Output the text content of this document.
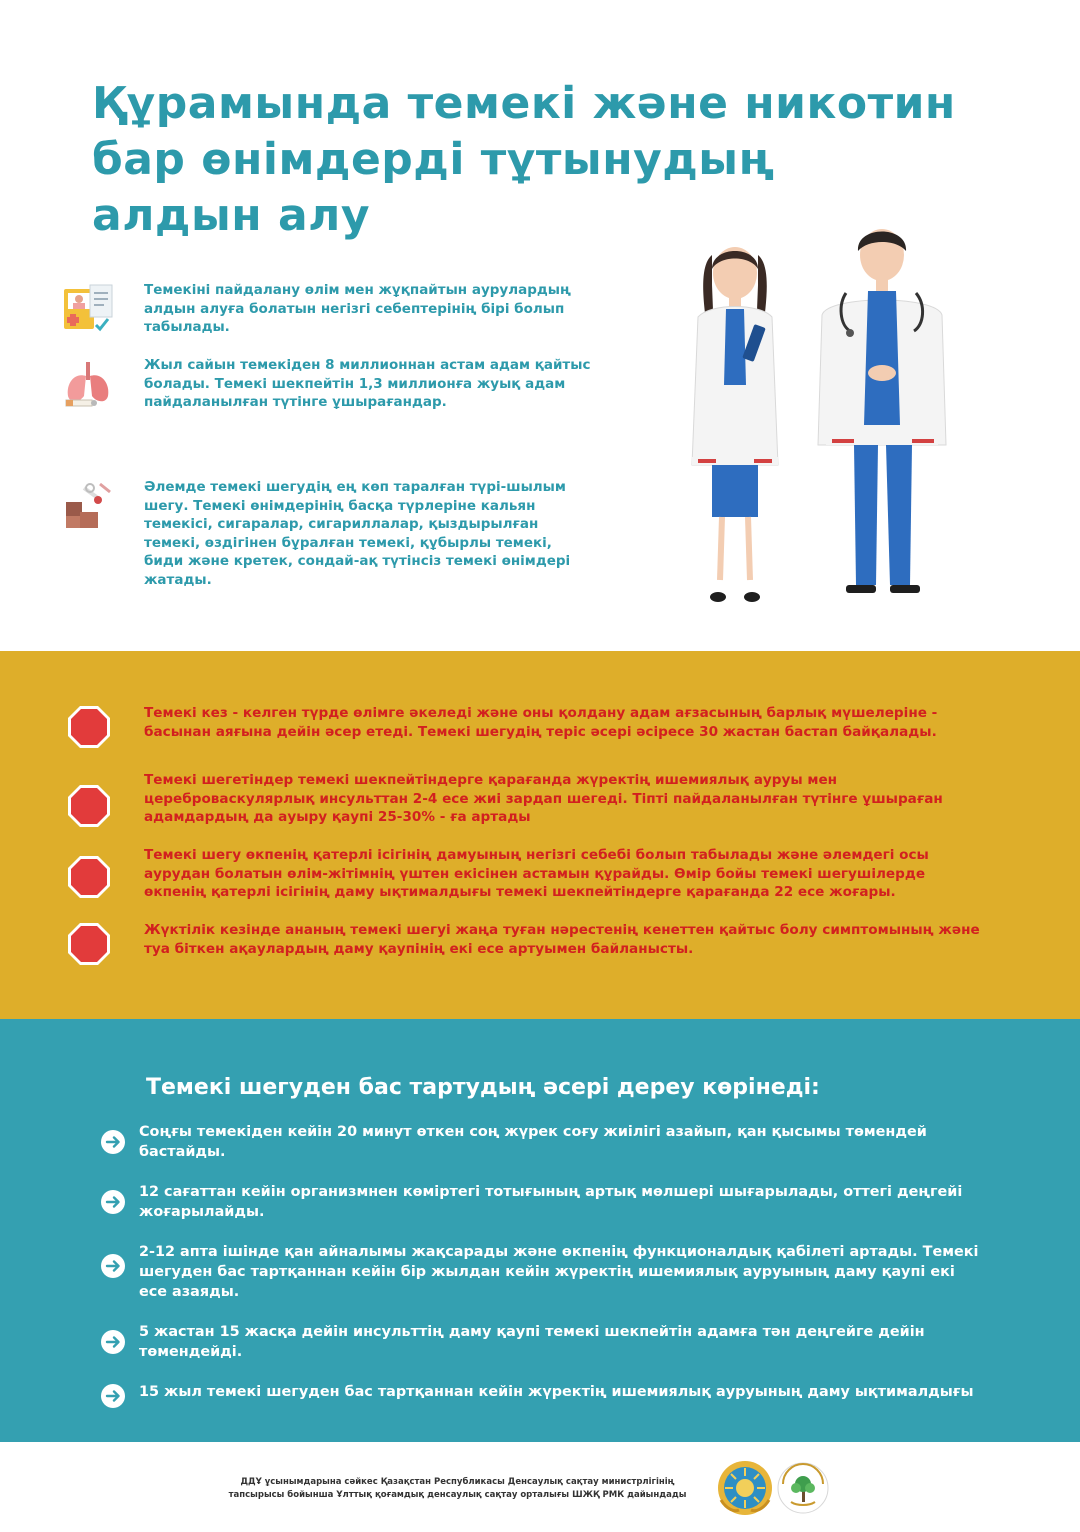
Құрамында темекі және никотин
бар өнімдерді тұтынудың
алдын алу

Темекіні пайдалану өлім мен жұқпайтын аурулардың алдын алуға болатын негізгі себептерінің бірі болып табылады.

Жыл сайын темекіден 8 миллионнан астам адам қайтыс болады. Темекі шекпейтін 1,3 миллионға жуық адам пайдаланылған түтінге ұшырағандар.

Әлемде темекі шегудің ең көп таралған түрі-шылым шегу. Темекі өнімдерінің басқа түрлеріне кальян темекісі, сигаралар, сигариллалар, қыздырылған темекі, өздігінен бұралған темекі, құбырлы темекі, биди және кретек, сондай-ақ түтінсіз темекі өнімдері жатады.

Темекі кез - келген түрде өлімге әкеледі және оны қолдану адам ағзасының барлық мүшелеріне - басынан аяғына дейін әсер етеді. Темекі шегудің теріс әсері әсіресе 30 жастан бастап байқалады.

Темекі шегетіндер темекі шекпейтіндерге қарағанда жүректің ишемиялық ауруы мен цереброваскулярлық инсульттан 2-4 есе жиі зардап шегеді. Тіпті пайдаланылған түтінге ұшыраған адамдардың да ауыру қаупі 25-30% - ға артады

Темекі шегу өкпенің қатерлі ісігінің дамуының негізгі себебі болып табылады және әлемдегі осы аурудан болатын өлім-жітімнің үштен екісінен астамын құрайды. Өмір бойы темекі шегушілерде өкпенің қатерлі ісігінің даму ықтималдығы темекі шекпейтіндерге қарағанда 22 есе жоғары.

Жүктілік кезінде ананың темекі шегуі жаңа туған нәрестенің кенеттен қайтыс болу симптомының және туа біткен ақаулардың даму қаупінің екі есе артуымен байланысты.

Темекі шегуден бас тартудың әсері дереу көрінеді:

Соңғы темекіден кейін 20 минут өткен соң жүрек соғу жиілігі азайып, қан қысымы төмендей бастайды.

12 сағаттан кейін организмнен көміртегі тотығының артық мөлшері шығарылады, оттегі деңгейі жоғарылайды.

2-12 апта ішінде қан айналымы жақсарады және өкпенің функционалдық қабілеті артады. Темекі шегуден бас тартқаннан кейін бір жылдан кейін жүректің ишемиялық ауруының даму қаупі екі есе азаяды.

5 жастан 15 жасқа дейін инсульттің даму қаупі темекі шекпейтін адамға тән деңгейге дейін төмендейді.

15 жыл темекі шегуден бас тартқаннан кейін жүректің ишемиялық ауруының даму ықтималдығы

ДДҰ ұсынымдарына сәйкес Қазақстан Республикасы Денсаулық сақтау министрлігінің
тапсырысы бойынша Ұлттық қоғамдық денсаулық сақтау орталығы ШЖҚ РМК дайындады
